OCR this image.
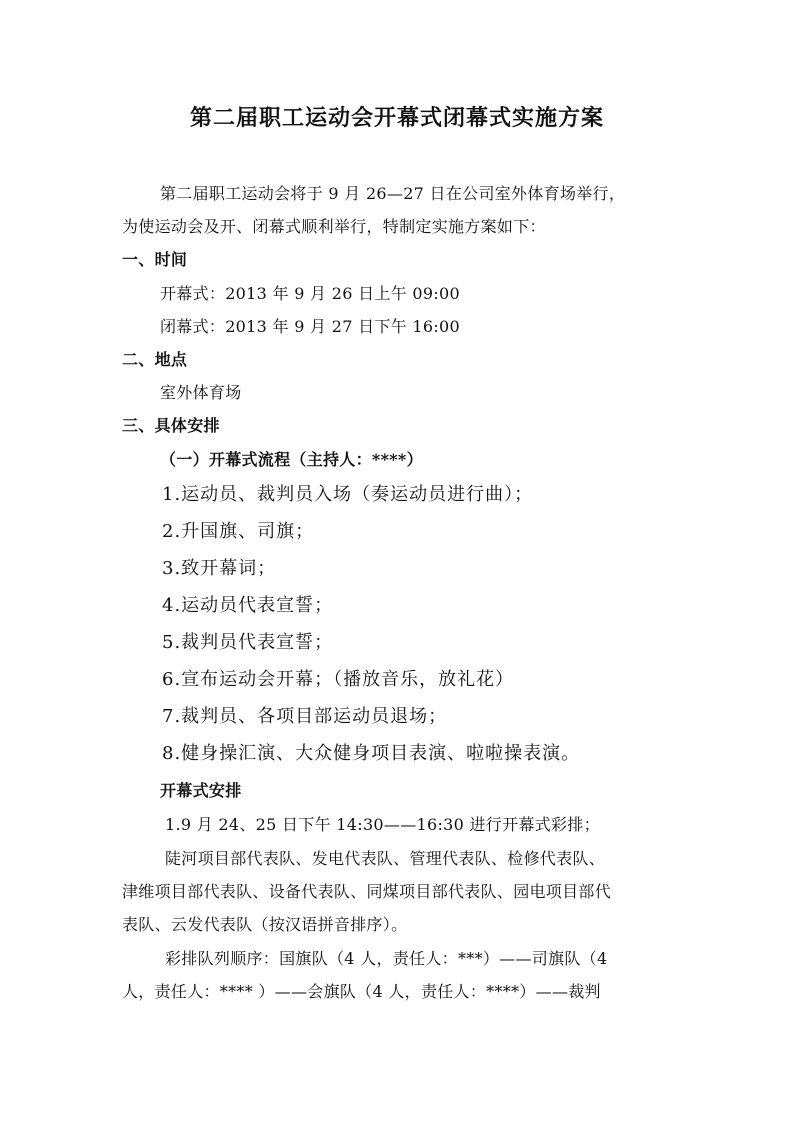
第二届职工运动会开幕式闭幕式实施方案
第二届职工运动会将于 9 月 26—27 日在公司室外体育场举行，
为使运动会及开、闭幕式顺利举行，特制定实施方案如下：
一、时间
开幕式：2013 年 9 月 26 日上午 09:00
闭幕式：2013 年 9 月 27 日下午 16:00
二、地点
室外体育场
三、具体安排
（一）开幕式流程（主持人：****）
1.运动员、裁判员入场（奏运动员进行曲）；
2.升国旗、司旗；
3.致开幕词；
4.运动员代表宣誓；
5.裁判员代表宣誓；
6.宣布运动会开幕；（播放音乐，放礼花）
7.裁判员、各项目部运动员退场；
8.健身操汇演、大众健身项目表演、啦啦操表演。
开幕式安排
1.9 月 24、25 日下午 14:30——16:30 进行开幕式彩排；
陡河项目部代表队、发电代表队、管理代表队、检修代表队、
津维项目部代表队、设备代表队、同煤项目部代表队、园电项目部代
表队、云发代表队（按汉语拼音排序）。
彩排队列顺序：国旗队（4 人，责任人：***）——司旗队（4
人，责任人：**** ）——会旗队（4 人，责任人：****）——裁判
